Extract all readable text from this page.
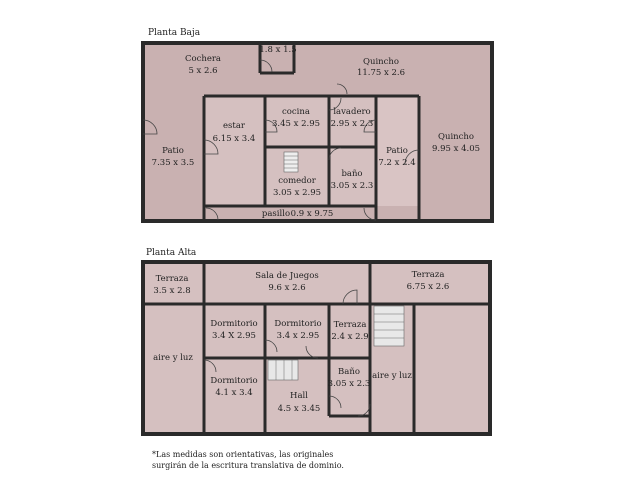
Planta Baja
Cochera
5 x 2.6
1.8 x 1.5
Quincho
11.75 x 2.6
Patio
7.35 x 3.5
estar
6.15 x 3.4
cocina
3.45 x 2.95
lavadero
2.95 x 2.3
Patio
7.2 x 2.4
Quincho
9.95 x 4.05
comedor
3.05 x 2.95
baño
3.05 x 2.3
pasillo 0.9 x 9.75
Terraza
3.5 x 2.8
Sala de Juegos
9.6 x 2.6
Terraza
6.75 x 2.6
Dormitorio
3.4 X 2.95
Dormitorio
3.4 x 2.95
Terraza
2.4 x 2.9
aire y luz
aire y luz
Dormitorio
4.1 x 3.4
Baño
3.05 x 2.3
Hall
4.5 x 3.45
Planta Alta
*Las medidas son orientativas, las originales
surgirán de la escritura translativa de dominio.
